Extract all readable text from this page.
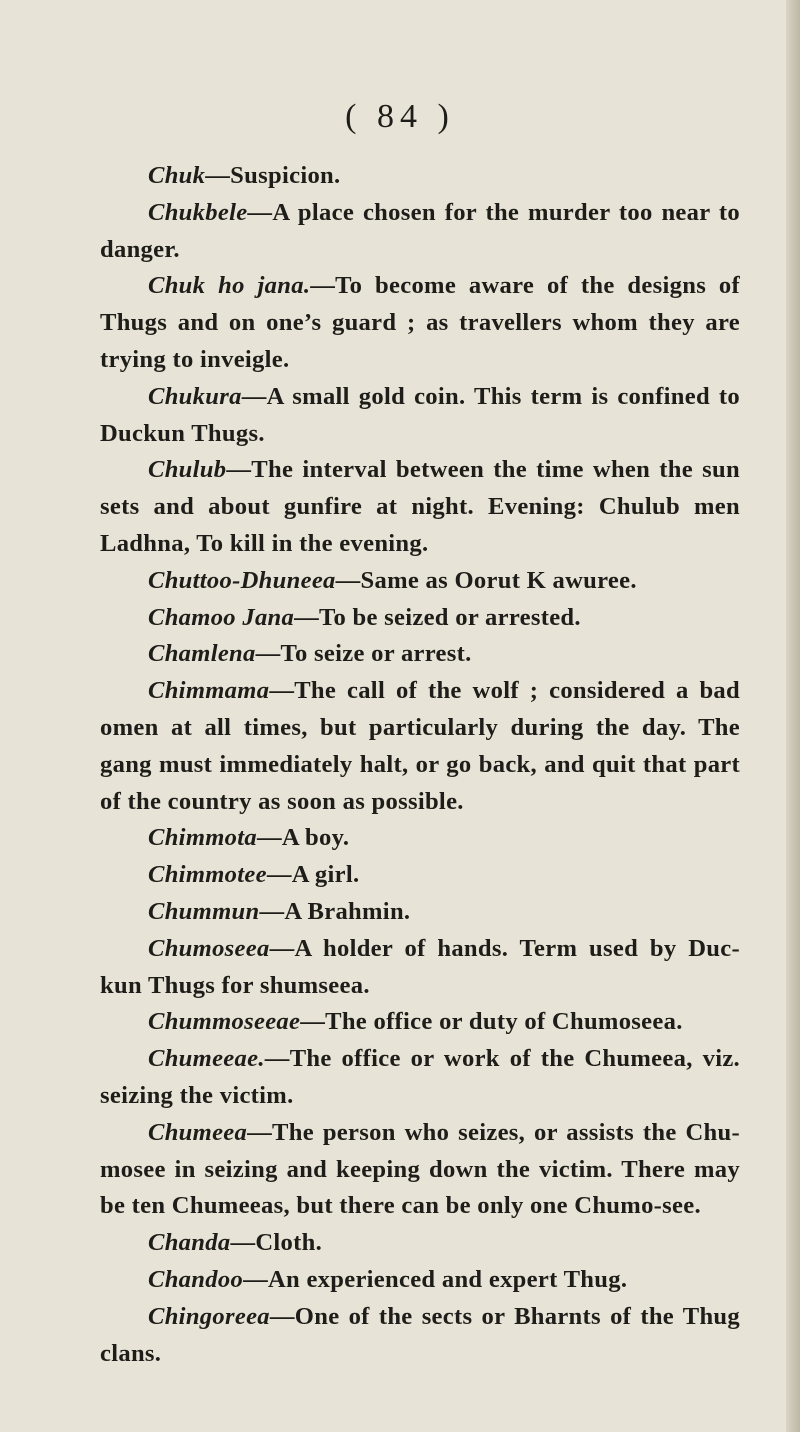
( 84 )

Chuk—Suspicion.

Chukbele—A place chosen for the murder too near to danger.

Chuk ho jana.—To become aware of the designs of Thugs and on one’s guard ; as travellers whom they are trying to inveigle.

Chukura—A small gold coin. This term is confined to Duckun Thugs.

Chulub—The interval between the time when the sun sets and about gunfire at night. Evening: Chulub men Ladhna, To kill in the evening.

Chuttoo-Dhuneea—Same as Oorut K awuree.

Chamoo Jana—To be seized or arrested.

Chamlena—To seize or arrest.

Chimmama—The call of the wolf ; considered a bad omen at all times, but particularly during the day. The gang must immediately halt, or go back, and quit that part of the country as soon as possible.

Chimmota—A boy.

Chimmotee—A girl.

Chummun—A Brahmin.

Chumoseea—A holder of hands. Term used by Duc-kun Thugs for shumseea.

Chummoseeae—The office or duty of Chumoseea.

Chumeeae.—The office or work of the Chumeea, viz. seizing the victim.

Chumeea—The person who seizes, or assists the Chu-mosee in seizing and keeping down the victim. There may be ten Chumeeas, but there can be only one Chumo-see.

Chanda—Cloth.

Chandoo—An experienced and expert Thug.

Chingoreea—One of the sects or Bharnts of the Thug clans.
